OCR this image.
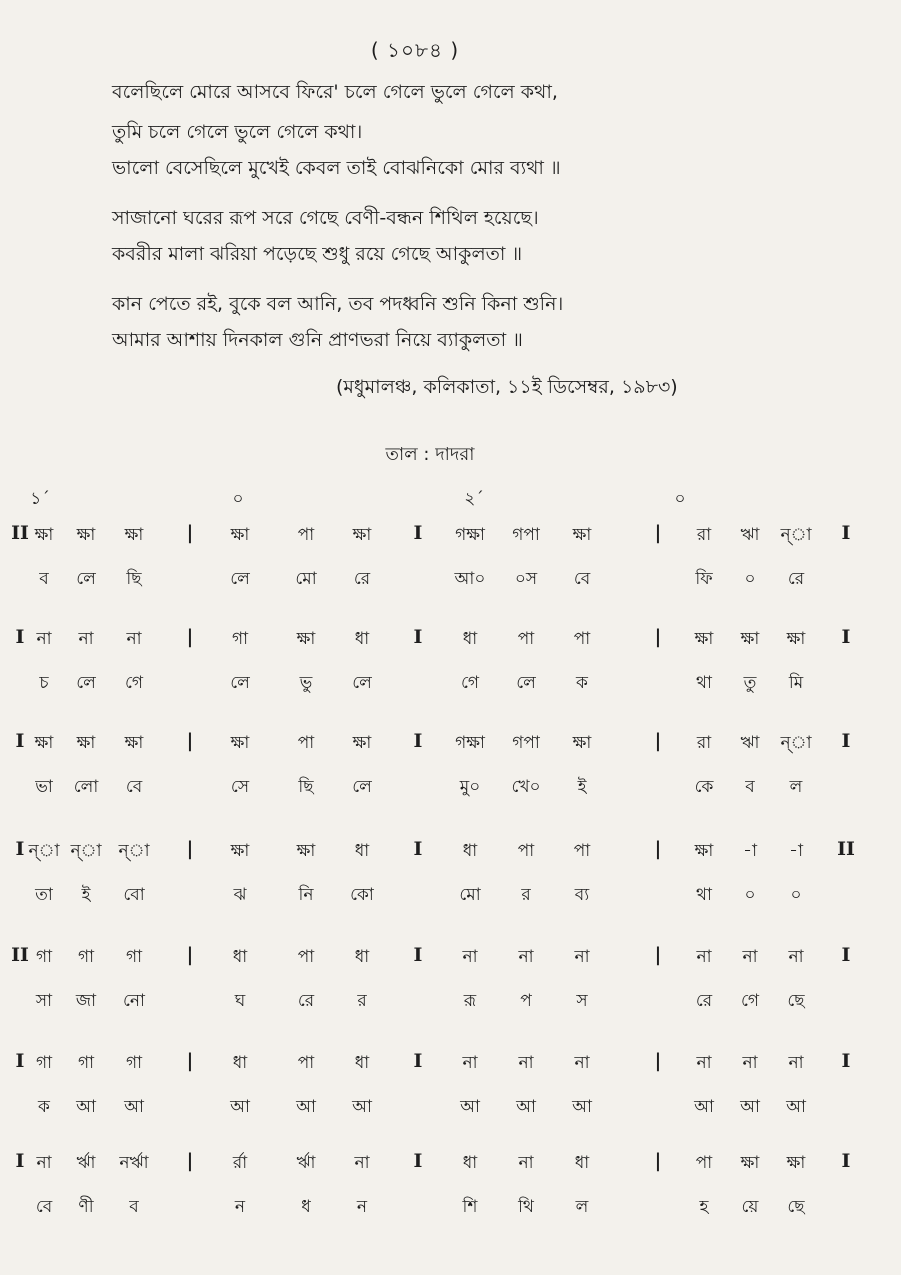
( ১০৮৪ )
বলেছিলে মোরে আসবে ফিরে' চলে গেলে ভুলে গেলে কথা,
তুমি চলে গেলে ভুলে গেলে কথা।
ভালো বেসেছিলে মুখেই কেবল তাই বোঝনিকো মোর ব্যথা ॥
সাজানো ঘরের রূপ সরে গেছে বেণী-বন্ধন শিথিল হয়েছে।
কবরীর মালা ঝরিয়া পড়েছে শুধু রয়ে গেছে আকুলতা ॥
কান পেতে রই, বুকে বল আনি, তব পদধ্বনি শুনি কিনা শুনি।
আমার আশায় দিনকাল গুনি প্রাণভরা নিয়ে ব্যাকুলতা ॥
(মধুমালঞ্চ, কলিকাতা, ১১ই ডিসেম্বর, ১৯৮৩)
তাল : দাদরা
১´	০	২´	০
II ক্ষা ক্ষা ক্ষা | ক্ষা	পা ক্ষা I গক্ষা গপা ক্ষা	| রা ঋা ন্‌া I
ব লে ছি	লে	মো রে	আ০ ০স বে	ফি ০ রে
I না না না | গা	ক্ষা ধা I ধা পা পা	| ক্ষা ক্ষা ক্ষা I
চ লে গে	লে	ভু লে	গে লে ক	থা তু মি
I ক্ষা ক্ষা ক্ষা | ক্ষা	পা ক্ষা I গক্ষা গপা ক্ষা	| রা ঋা ন্‌া I
ভা লো বে	সে	ছি লে	মু০ খে০ ই	কে ব ল
I ন্‌া ন্‌া ন্‌া | ক্ষা	ক্ষা ধা I ধা পা পা	| ক্ষা -া -া II
তা ই বো	ঝ	নি কো	মো র	ব্য	থা ০ ০
II গা গা গা | ধা	পা ধা I না না না	| না না না I
সা জা নো	ঘ	রে	র	রূ	প	স	রে গে ছে
I গা গা গা | ধা	পা ধা I না না না	| না না না I
ক আ আ	আ	আ আ	আ আ আ	আ আ আ
I না র্ঋা নর্ঋা | র্রা	র্ঋা না I ধা না ধা	| পা ক্ষা ক্ষা I
বে ণী ব	ন	ধ	ন	শি থি ল	হ য়ে ছে
